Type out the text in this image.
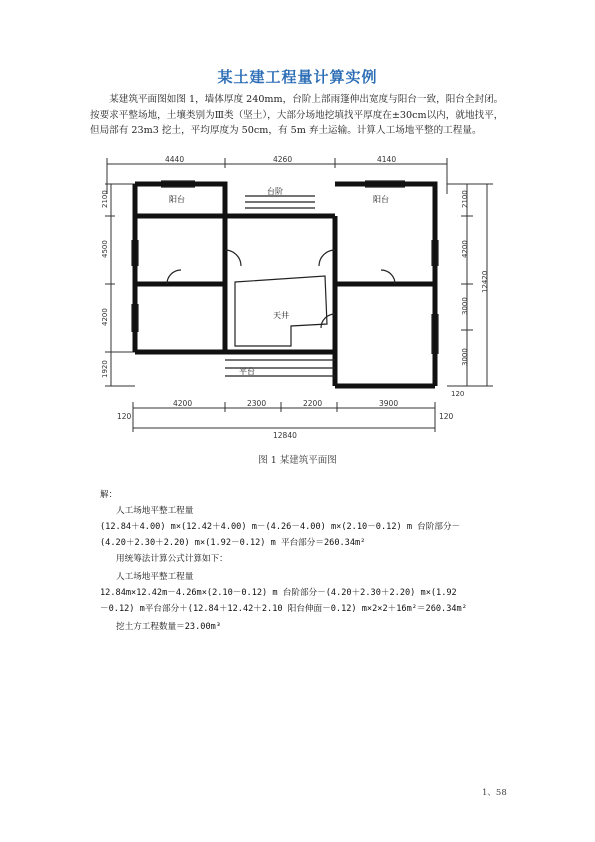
某土建工程量计算实例
某建筑平面图如图 1，墙体厚度 240mm，台阶上部雨篷伸出宽度与阳台一致，阳台全封闭。按要求平整场地，土壤类别为Ⅲ类（坚土），大部分场地挖填找平厚度在±30cm以内，就地找平，但局部有 23m3 挖土，平均厚度为 50cm，有 5m 弃土运输。计算人工场地平整的工程量。
4440	4260	4140
120
4200	2300	2200	3900
120
12840
2100
4500
4200
1920
2100
4200
3000
3000
12420
120
阳台
台阶
阳台
天井
平台
图 1 某建筑平面图
解：
人工场地平整工程量
(12.84＋4.00) m×(12.42＋4.00) m－(4.26－4.00) m×(2.10－0.12) m 台阶部分－
(4.20＋2.30＋2.20) m×(1.92－0.12) m 平台部分＝260.34m²
用统筹法计算公式计算如下：
人工场地平整工程量
12.84m×12.42m－4.26m×(2.10－0.12) m 台阶部分－(4.20＋2.30＋2.20) m×(1.92
－0.12) m平台部分＋(12.84＋12.42＋2.10 阳台伸面－0.12) m×2×2＋16m²＝260.34m²
挖土方工程数量＝23.00m³
1、58
